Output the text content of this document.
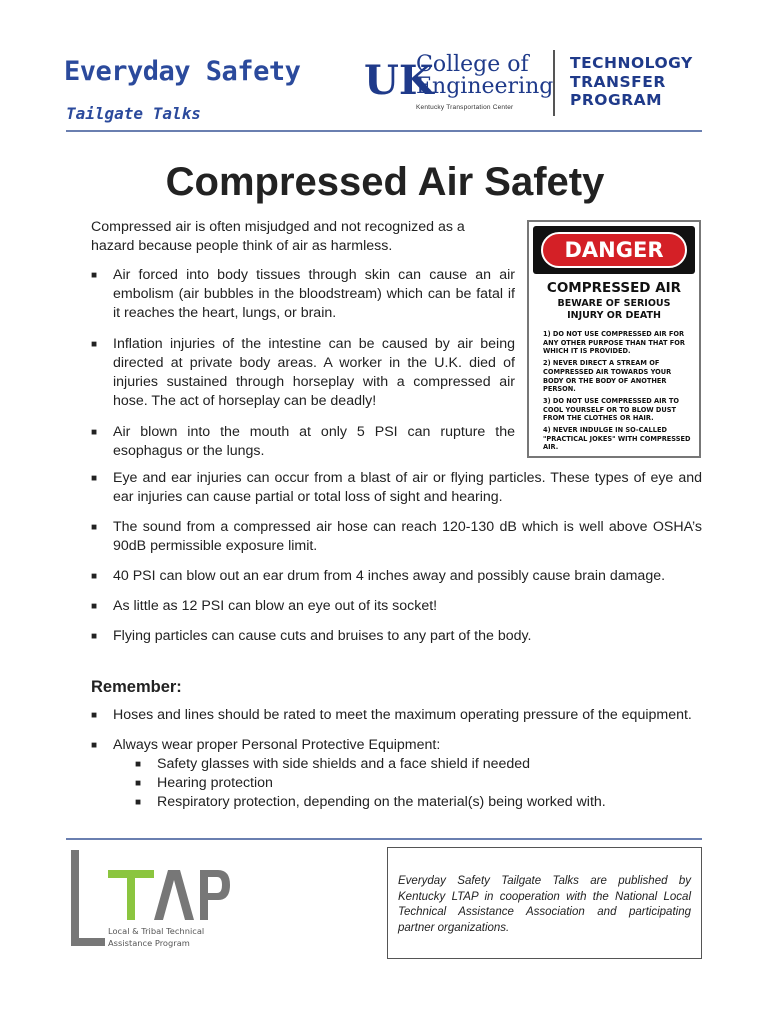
Everyday Safety
Tailgate Talks
UK
College of
Engineering
Kentucky Transportation Center
TECHNOLOGY
TRANSFER
PROGRAM
Compressed Air Safety

Compressed air is often misjudged and not recognized as a hazard because people think of air as harmless.

■ Air forced into body tissues through skin can cause an air embolism (air bubbles in the bloodstream) which can be fatal if it reaches the heart, lungs, or brain.
■ Inflation injuries of the intestine can be caused by air being directed at private body areas. A worker in the U.K. died of injuries sustained through horseplay with a compressed air hose. The act of horseplay can be deadly!
■ Air blown into the mouth at only 5 PSI can rupture the esophagus or the lungs.
■ Eye and ear injuries can occur from a blast of air or flying particles. These types of eye and ear injuries can cause partial or total loss of sight and hearing.
■ The sound from a compressed air hose can reach 120-130 dB which is well above OSHA’s 90dB permissible exposure limit.
■ 40 PSI can blow out an ear drum from 4 inches away and possibly cause brain damage.
■ As little as 12 PSI can blow an eye out of its socket!
■ Flying particles can cause cuts and bruises to any part of the body.
DANGER
COMPRESSED AIR
BEWARE OF SERIOUS
INJURY OR DEATH
1) DO NOT USE COMPRESSED AIR FOR ANY OTHER PURPOSE THAN THAT FOR WHICH IT IS PROVIDED.
2) NEVER DIRECT A STREAM OF COMPRESSED AIR TOWARDS YOUR BODY OR THE BODY OF ANOTHER PERSON.
3) DO NOT USE COMPRESSED AIR TO COOL YOURSELF OR TO BLOW DUST FROM THE CLOTHES OR HAIR.
4) NEVER INDULGE IN SO-CALLED "PRACTICAL JOKES" WITH COMPRESSED AIR.
Remember:
■ Hoses and lines should be rated to meet the maximum operating pressure of the equipment.
■ Always wear proper Personal Protective Equipment:
■ Safety glasses with side shields and a face shield if needed
■ Hearing protection
■ Respiratory protection, depending on the material(s) being worked with.
Local & Tribal Technical
Assistance Program
LTAP
Everyday Safety Tailgate Talks are published by Kentucky LTAP in cooperation with the National Local Technical Assistance Association and participating partner organizations.
